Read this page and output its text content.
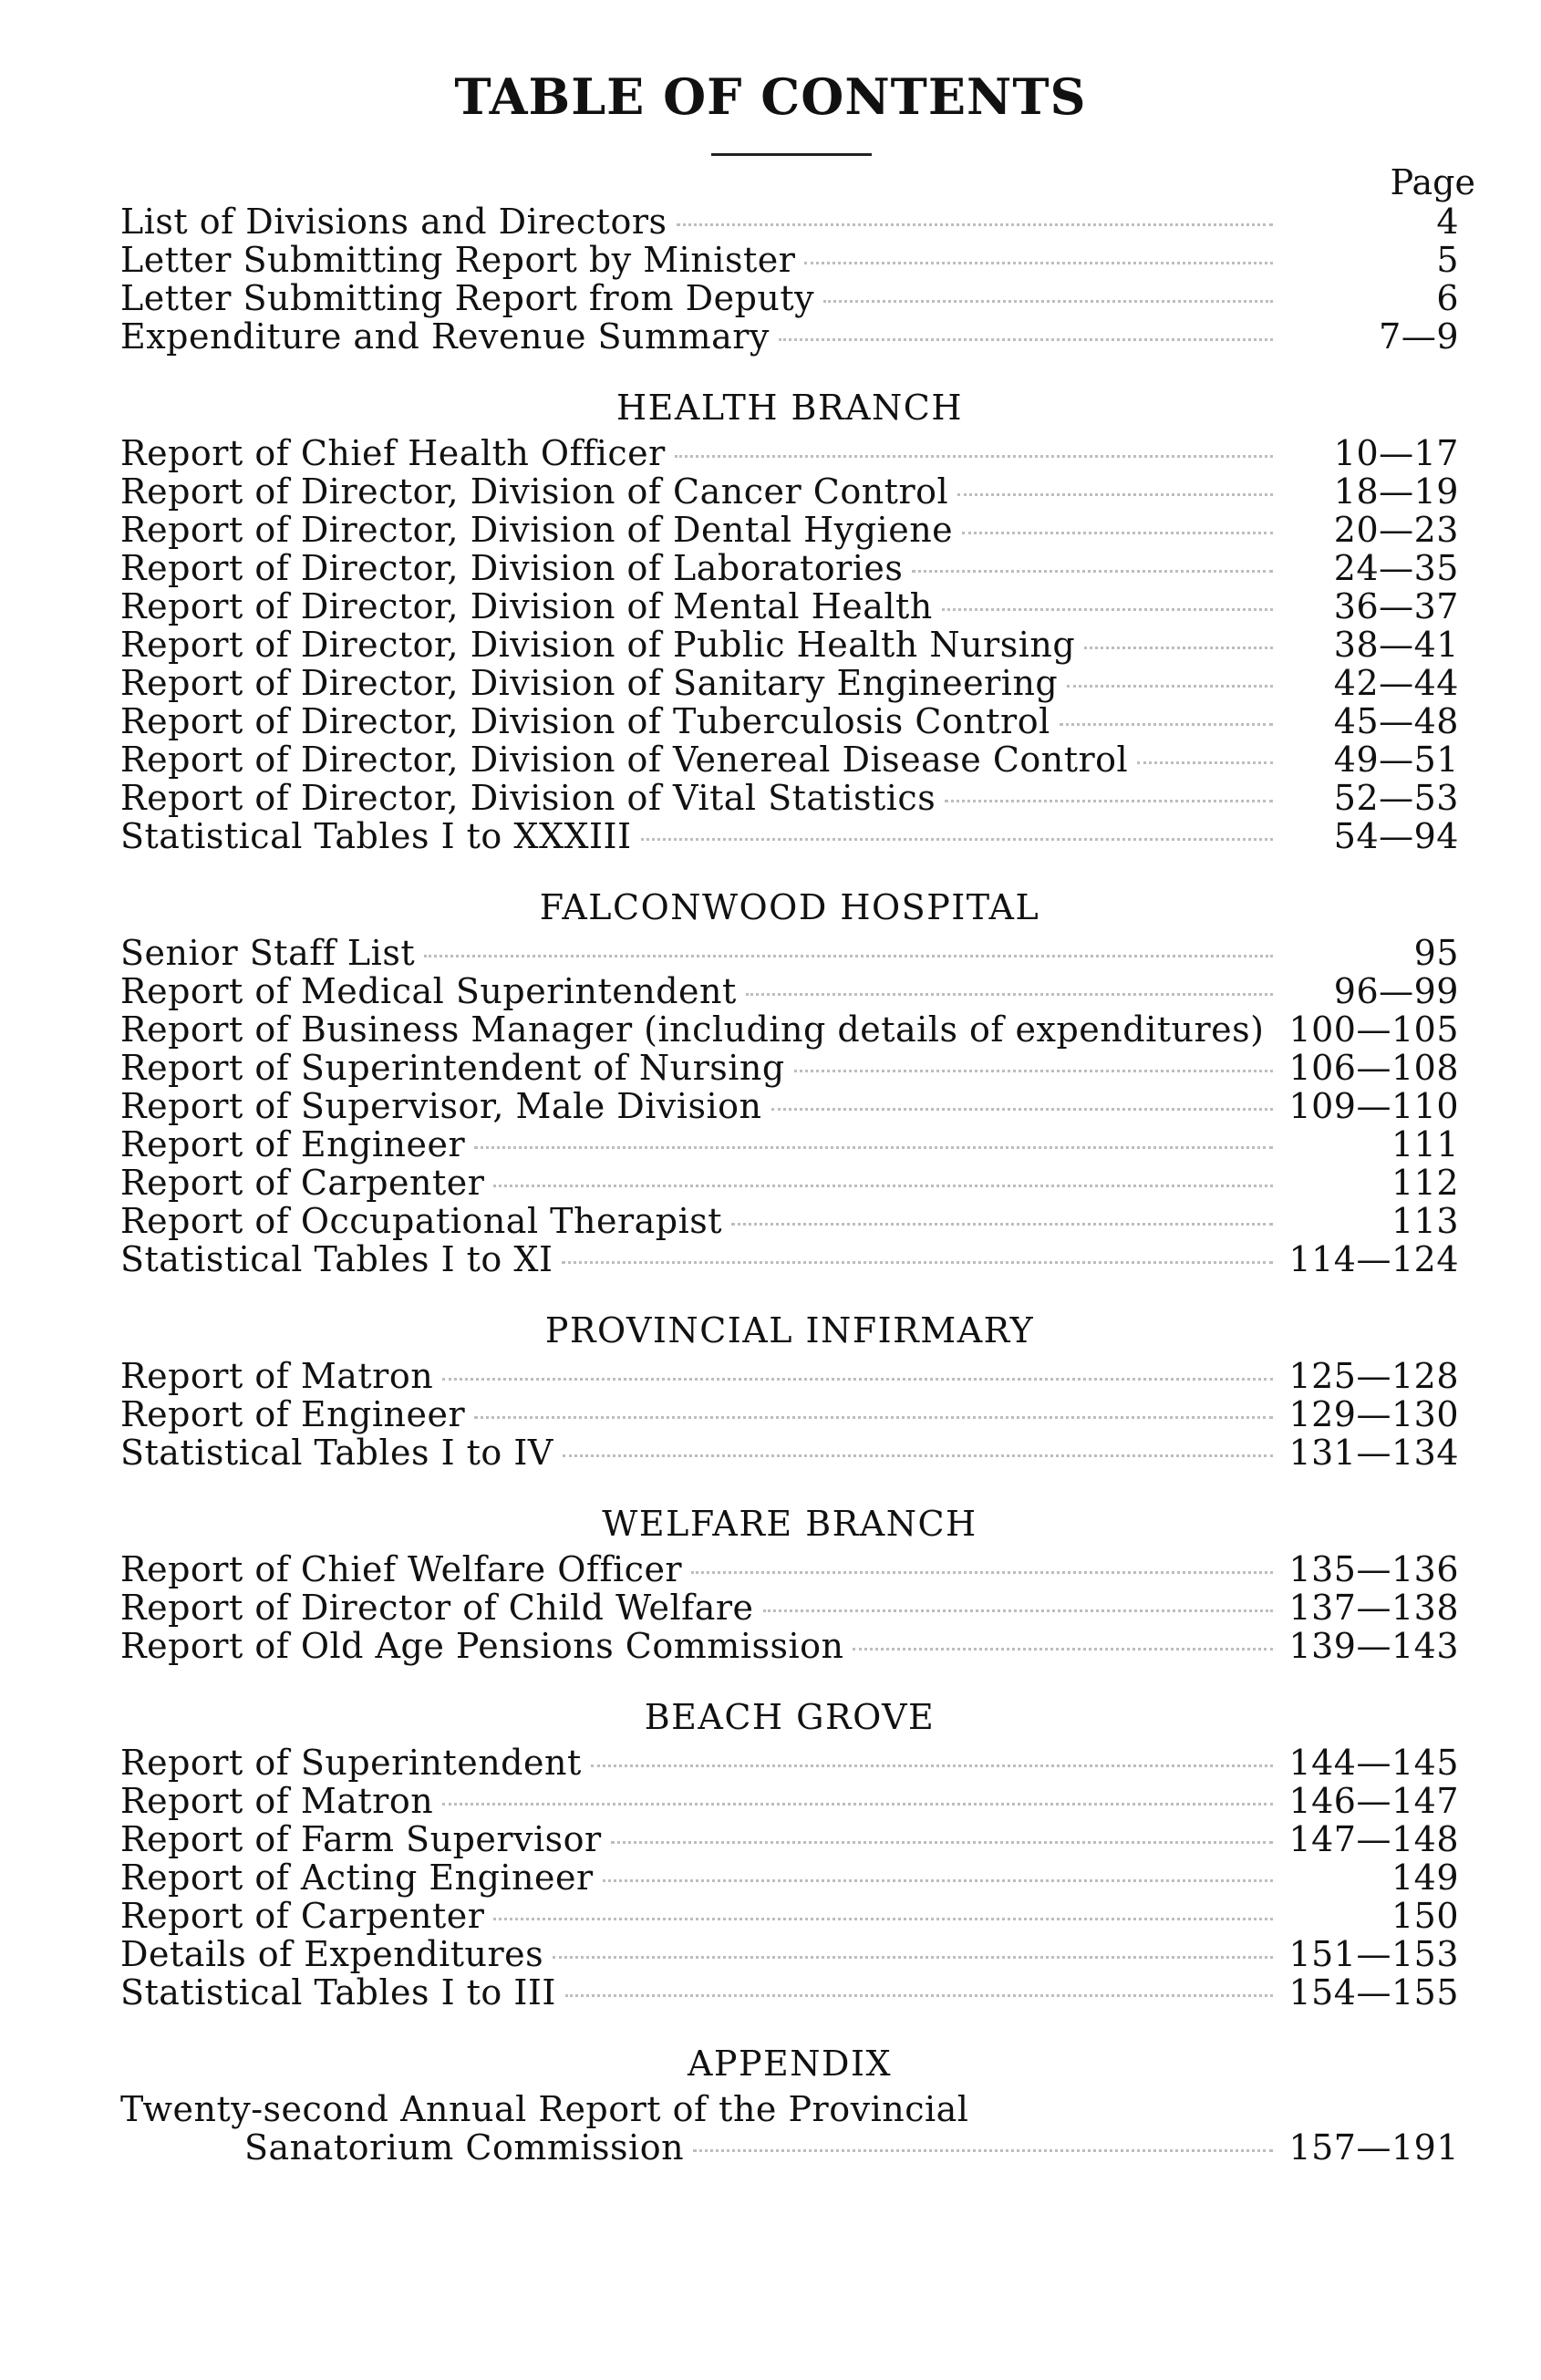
TABLE OF CONTENTS
Page
List of Divisions and Directors	4
Letter Submitting Report by Minister	5
Letter Submitting Report from Deputy	6
Expenditure and Revenue Summary	7—9
HEALTH BRANCH
Report of Chief Health Officer	10—17
Report of Director, Division of Cancer Control	18—19
Report of Director, Division of Dental Hygiene	20—23
Report of Director, Division of Laboratories	24—35
Report of Director, Division of Mental Health	36—37
Report of Director, Division of Public Health Nursing	38—41
Report of Director, Division of Sanitary Engineering	42—44
Report of Director, Division of Tuberculosis Control	45—48
Report of Director, Division of Venereal Disease Control	49—51
Report of Director, Division of Vital Statistics	52—53
Statistical Tables I to XXXIII	54—94
FALCONWOOD HOSPITAL
Senior Staff List	95
Report of Medical Superintendent	96—99
Report of Business Manager (including details of expenditures) 100—105
Report of Superintendent of Nursing	106—108
Report of Supervisor, Male Division	109—110
Report of Engineer	111
Report of Carpenter	112
Report of Occupational Therapist	113
Statistical Tables I to XI	114—124
PROVINCIAL INFIRMARY
Report of Matron	125—128
Report of Engineer	129—130
Statistical Tables I to IV	131—134
WELFARE BRANCH
Report of Chief Welfare Officer	135—136
Report of Director of Child Welfare	137—138
Report of Old Age Pensions Commission	139—143
BEACH GROVE
Report of Superintendent	144—145
Report of Matron	146—147
Report of Farm Supervisor	147—148
Report of Acting Engineer	149
Report of Carpenter	150
Details of Expenditures	151—153
Statistical Tables I to III	154—155
APPENDIX
Twenty-second Annual Report of the Provincial
Sanatorium Commission	157—191
